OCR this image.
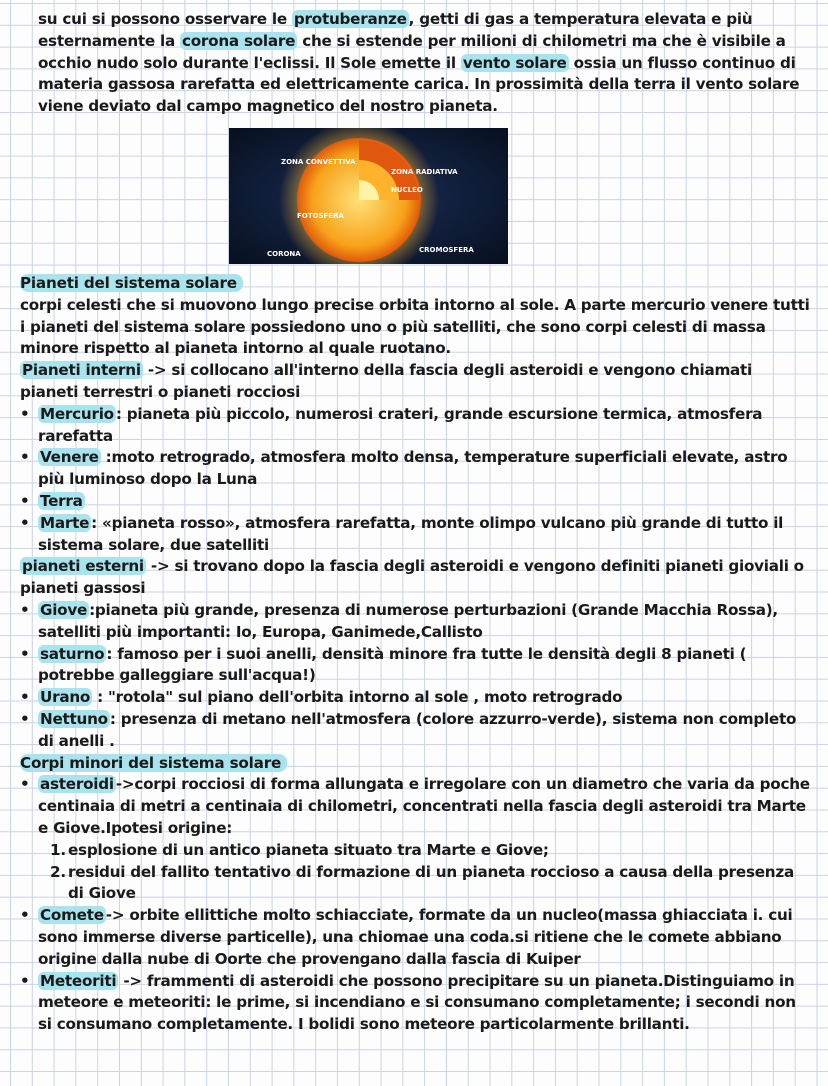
su cui si possono osservare le protuberanze , getti di gas a temperatura elevata e più esternamente la corona solare che si estende per milioni di chilometri ma che è visibile a occhio nudo solo durante l'eclissi. Il Sole emette il vento solare ossia un flusso continuo di materia gassosa rarefatta ed elettricamente carica. In prossimità della terra il vento solare viene deviato dal campo magnetico del nostro pianeta.
ZONA CONVETTIVA
ZONA RADIATIVA
NUCLEO
FOTOSFERA
CORONA	CROMOSFERA
Pianeti del sistema solare
corpi celesti che si muovono lungo precise orbita intorno al sole. A parte mercurio venere tutti i pianeti del sistema solare possiedono uno o più satelliti, che sono corpi celesti di massa minore rispetto al pianeta intorno al quale ruotano.
Pianeti interni -> si collocano all'interno della fascia degli asteroidi e vengono chiamati pianeti terrestri o pianeti rocciosi
• Mercurio : pianeta più piccolo, numerosi crateri, grande escursione termica, atmosfera rarefatta
• Venere :moto retrogrado, atmosfera molto densa, temperature superficiali elevate, astro più luminoso dopo la Luna
• Terra
• Marte : «pianeta rosso», atmosfera rarefatta, monte olimpo vulcano più grande di tutto il sistema solare, due satelliti
pianeti esterni -> si trovano dopo la fascia degli asteroidi e vengono definiti pianeti gioviali o pianeti gassosi
• Giove :pianeta più grande, presenza di numerose perturbazioni (Grande Macchia Rossa), satelliti più importanti: Io, Europa, Ganimede,Callisto
• saturno : famoso per i suoi anelli, densità minore fra tutte le densità degli 8 pianeti ( potrebbe galleggiare sull'acqua!)
• Urano : "rotola" sul piano dell'orbita intorno al sole , moto retrogrado
• Nettuno : presenza di metano nell'atmosfera (colore azzurro-verde), sistema non completo di anelli .
Corpi minori del sistema solare
• asteroidi ->corpi rocciosi di forma allungata e irregolare con un diametro che varia da poche centinaia di metri a centinaia di chilometri, concentrati nella fascia degli asteroidi tra Marte e Giove.Ipotesi origine:
1. esplosione di un antico pianeta situato tra Marte e Giove;
2. residui del fallito tentativo di formazione di un pianeta roccioso a causa della presenza di Giove
• Comete -> orbite ellittiche molto schiacciate, formate da un nucleo(massa ghiacciata i. cui sono immerse diverse particelle), una chiomae una coda.si ritiene che le comete abbiano origine dalla nube di Oorte che provengano dalla fascia di Kuiper
• Meteoriti -> frammenti di asteroidi che possono precipitare su un pianeta.Distinguiamo in meteore e meteoriti: le prime, si incendiano e si consumano completamente; i secondi non si consumano completamente. I bolidi sono meteore particolarmente brillanti.
